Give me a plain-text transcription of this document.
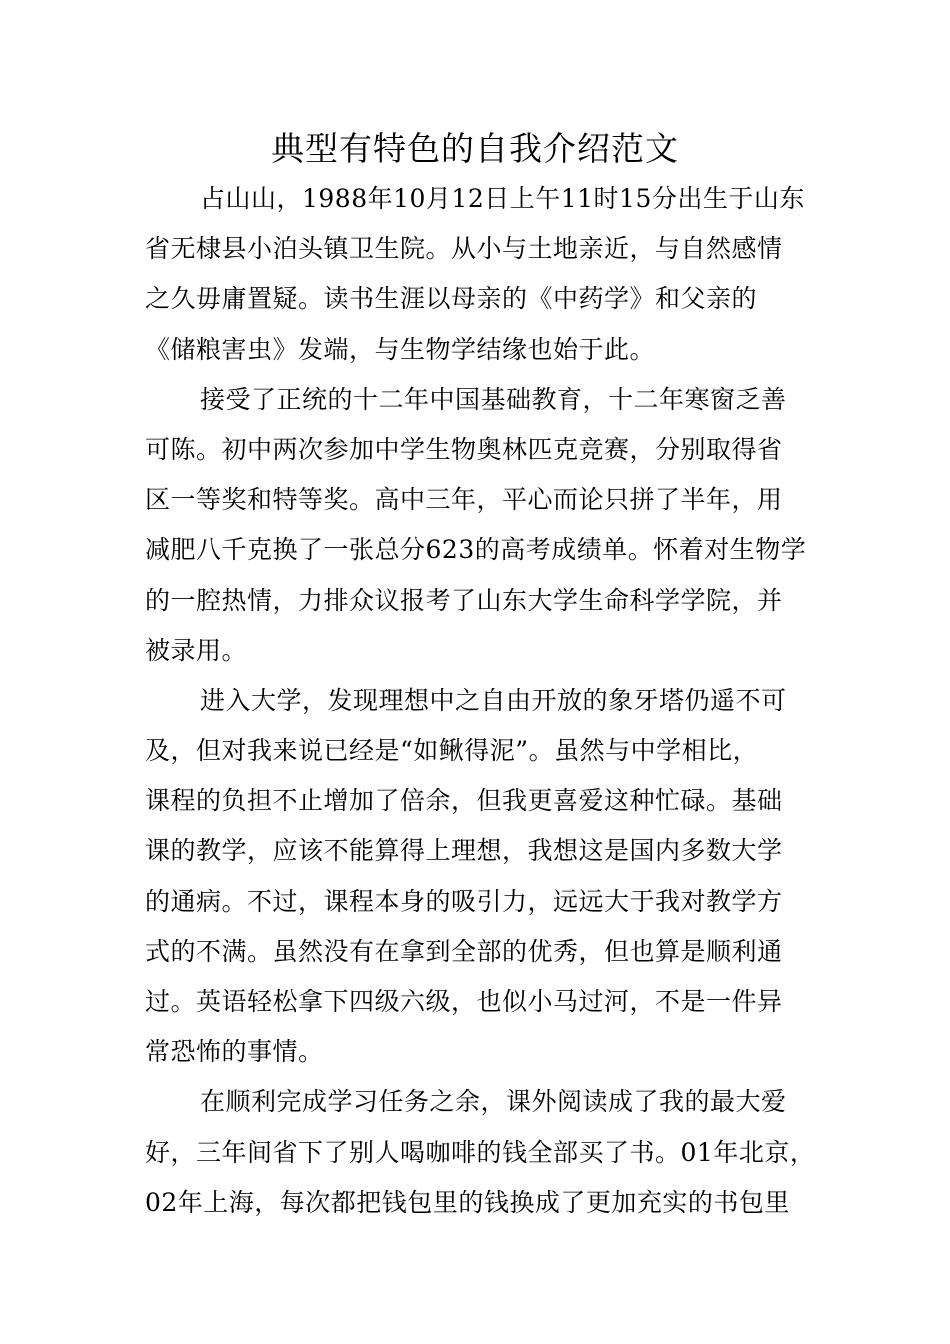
典型有特色的自我介绍范文
占山山，1988年10月12日上午11时15分出生于山东
省无棣县小泊头镇卫生院。从小与土地亲近，与自然感情
之久毋庸置疑。读书生涯以母亲的《中药学》和父亲的
《储粮害虫》发端，与生物学结缘也始于此。
接受了正统的十二年中国基础教育，十二年寒窗乏善
可陈。初中两次参加中学生物奥林匹克竞赛，分别取得省
区一等奖和特等奖。高中三年，平心而论只拼了半年，用
减肥八千克换了一张总分623的高考成绩单。怀着对生物学
的一腔热情，力排众议报考了山东大学生命科学学院，并
被录用。
进入大学，发现理想中之自由开放的象牙塔仍遥不可
及，但对我来说已经是“如鳅得泥”。虽然与中学相比，
课程的负担不止增加了倍余，但我更喜爱这种忙碌。基础
课的教学，应该不能算得上理想，我想这是国内多数大学
的通病。不过，课程本身的吸引力，远远大于我对教学方
式的不满。虽然没有在拿到全部的优秀，但也算是顺利通
过。英语轻松拿下四级六级，也似小马过河，不是一件异
常恐怖的事情。
在顺利完成学习任务之余，课外阅读成了我的最大爱
好，三年间省下了别人喝咖啡的钱全部买了书。01年北京，
02年上海，每次都把钱包里的钱换成了更加充实的书包里
